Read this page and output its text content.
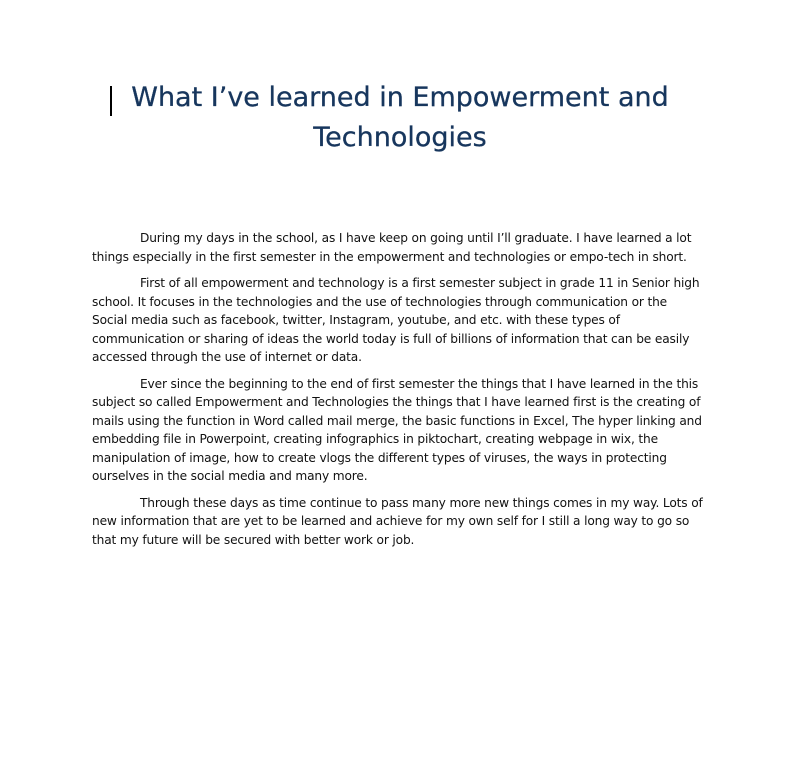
What I’ve learned in Empowerment and Technologies

During my days in the school, as I have keep on going until I’ll graduate. I have learned a lot things especially in the first semester in the empowerment and technologies or empo-tech in short.

First of all empowerment and technology is a first semester subject in grade 11 in Senior high school. It focuses in the technologies and the use of technologies through communication or the Social media such as facebook, twitter, Instagram, youtube, and etc. with these types of communication or sharing of ideas the world today is full of billions of information that can be easily accessed through the use of internet or data.

Ever since the beginning to the end of first semester the things that I have learned in the this subject so called Empowerment and Technologies the things that I have learned first is the creating of mails using the function in Word called mail merge, the basic functions in Excel, The hyper linking and embedding file in Powerpoint, creating infographics in piktochart, creating webpage in wix, the manipulation of image, how to create vlogs the different types of viruses, the ways in protecting ourselves in the social media and many more.

Through these days as time continue to pass many more new things comes in my way. Lots of new information that are yet to be learned and achieve for my own self for I still a long way to go so that my future will be secured with better work or job.
